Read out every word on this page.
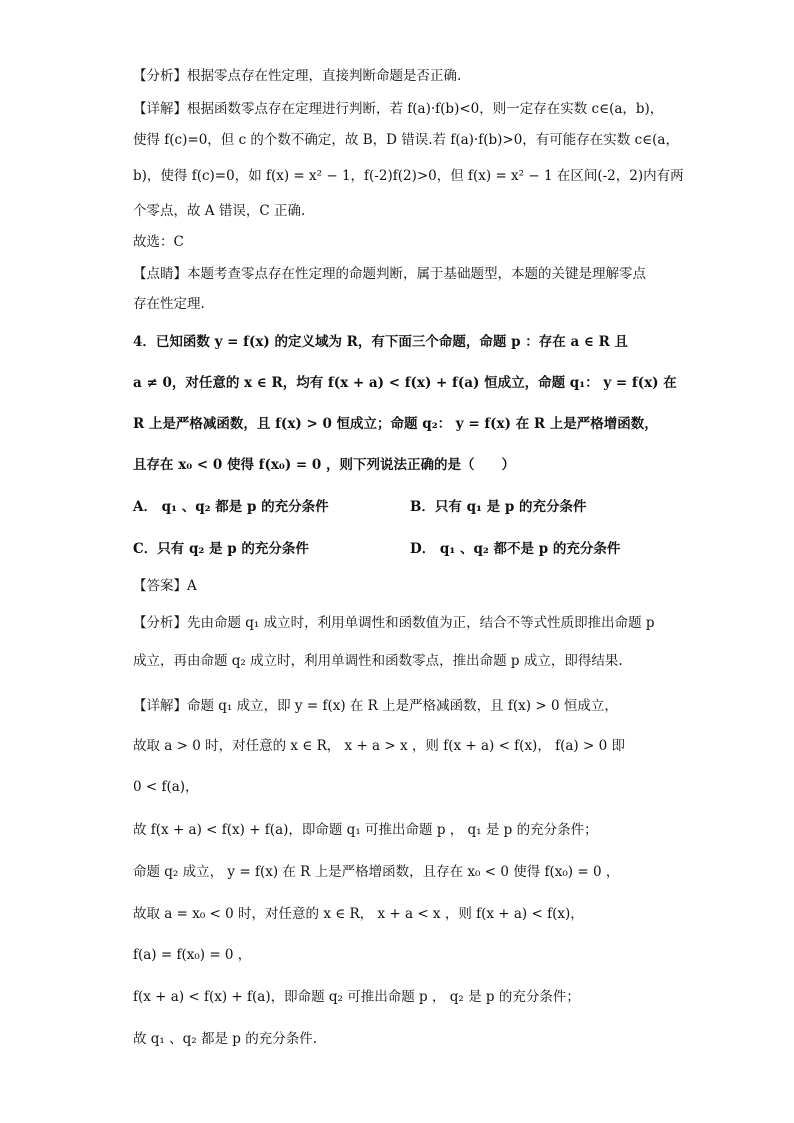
【分析】根据零点存在性定理，直接判断命题是否正确.
【详解】根据函数零点存在定理进行判断，若 f(a)·f(b)<0，则一定存在实数 c∈(a，b)，
使得 f(c)=0，但 c 的个数不确定，故 B，D 错误.若 f(a)·f(b)>0，有可能存在实数 c∈(a，
b)，使得 f(c)=0，如 f(x) = x² − 1，f(-2)f(2)>0，但 f(x) = x² − 1 在区间(-2，2)内有两
个零点，故 A 错误，C 正确.
故选：C
【点睛】本题考查零点存在性定理的命题判断，属于基础题型，本题的关键是理解零点
存在性定理.
4．已知函数 y = f(x) 的定义域为 R，有下面三个命题，命题 p ：存在 a ∈ R 且
a ≠ 0，对任意的 x ∈ R，均有 f(x + a) < f(x) + f(a) 恒成立，命题 q₁： y = f(x) 在
R 上是严格减函数，且 f(x) > 0 恒成立；命题 q₂： y = f(x) 在 R 上是严格增函数，
且存在 x₀ < 0 使得 f(x₀) = 0 ，则下列说法正确的是（　　）
A． q₁ 、q₂ 都是 p 的充分条件	B．只有 q₁ 是 p 的充分条件
C．只有 q₂ 是 p 的充分条件	D． q₁ 、q₂ 都不是 p 的充分条件
【答案】A
【分析】先由命题 q₁ 成立时，利用单调性和函数值为正，结合不等式性质即推出命题 p
成立，再由命题 q₂ 成立时，利用单调性和函数零点，推出命题 p 成立，即得结果.
【详解】命题 q₁ 成立，即 y = f(x) 在 R 上是严格减函数，且 f(x) > 0 恒成立，
故取 a > 0 时，对任意的 x ∈ R， x + a > x ，则 f(x + a) < f(x)， f(a) > 0 即
0 < f(a)，
故 f(x + a) < f(x) + f(a)，即命题 q₁ 可推出命题 p ， q₁ 是 p 的充分条件；
命题 q₂ 成立， y = f(x) 在 R 上是严格增函数，且存在 x₀ < 0 使得 f(x₀) = 0 ，
故取 a = x₀ < 0 时，对任意的 x ∈ R， x + a < x ，则 f(x + a) < f(x)，
f(a) = f(x₀) = 0 ，
f(x + a) < f(x) + f(a)，即命题 q₂ 可推出命题 p ， q₂ 是 p 的充分条件；
故 q₁ 、q₂ 都是 p 的充分条件.
